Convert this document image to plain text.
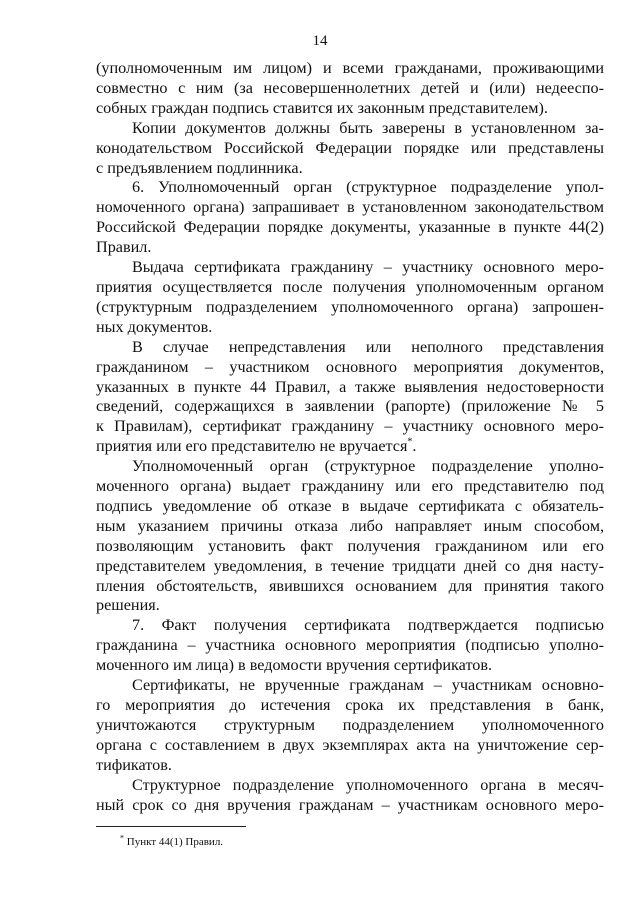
14
(уполномоченным им лицом) и всеми гражданами, проживающими
совместно с ним (за несовершеннолетних детей и (или) недееспо-
собных граждан подпись ставится их законным представителем).
Копии документов должны быть заверены в установленном за-
конодательством Российской Федерации порядке или представлены
с предъявлением подлинника.
6. Уполномоченный орган (структурное подразделение упол-
номоченного органа) запрашивает в установленном законодательством
Российской Федерации порядке документы, указанные в пункте 44(2)
Правил.
Выдача сертификата гражданину – участнику основного меро-
приятия осуществляется после получения уполномоченным органом
(структурным подразделением уполномоченного органа) запрошен-
ных документов.
В случае непредставления или неполного представления
гражданином – участником основного мероприятия документов,
указанных в пункте 44 Правил, а также выявления недостоверности
сведений, содержащихся в заявлении (рапорте) (приложение № 5
к Правилам), сертификат гражданину – участнику основного меро-
приятия или его представителю не вручается*.
Уполномоченный орган (структурное подразделение уполно-
моченного органа) выдает гражданину или его представителю под
подпись уведомление об отказе в выдаче сертификата с обязатель-
ным указанием причины отказа либо направляет иным способом,
позволяющим установить факт получения гражданином или его
представителем уведомления, в течение тридцати дней со дня насту-
пления обстоятельств, явившихся основанием для принятия такого
решения.
7. Факт получения сертификата подтверждается подписью
гражданина – участника основного мероприятия (подписью уполно-
моченного им лица) в ведомости вручения сертификатов.
Сертификаты, не врученные гражданам – участникам основно-
го мероприятия до истечения срока их представления в банк,
уничтожаются структурным подразделением уполномоченного
органа с составлением в двух экземплярах акта на уничтожение сер-
тификатов.
Структурное подразделение уполномоченного органа в месяч-
ный срок со дня вручения гражданам – участникам основного меро-
* Пункт 44(1) Правил.
